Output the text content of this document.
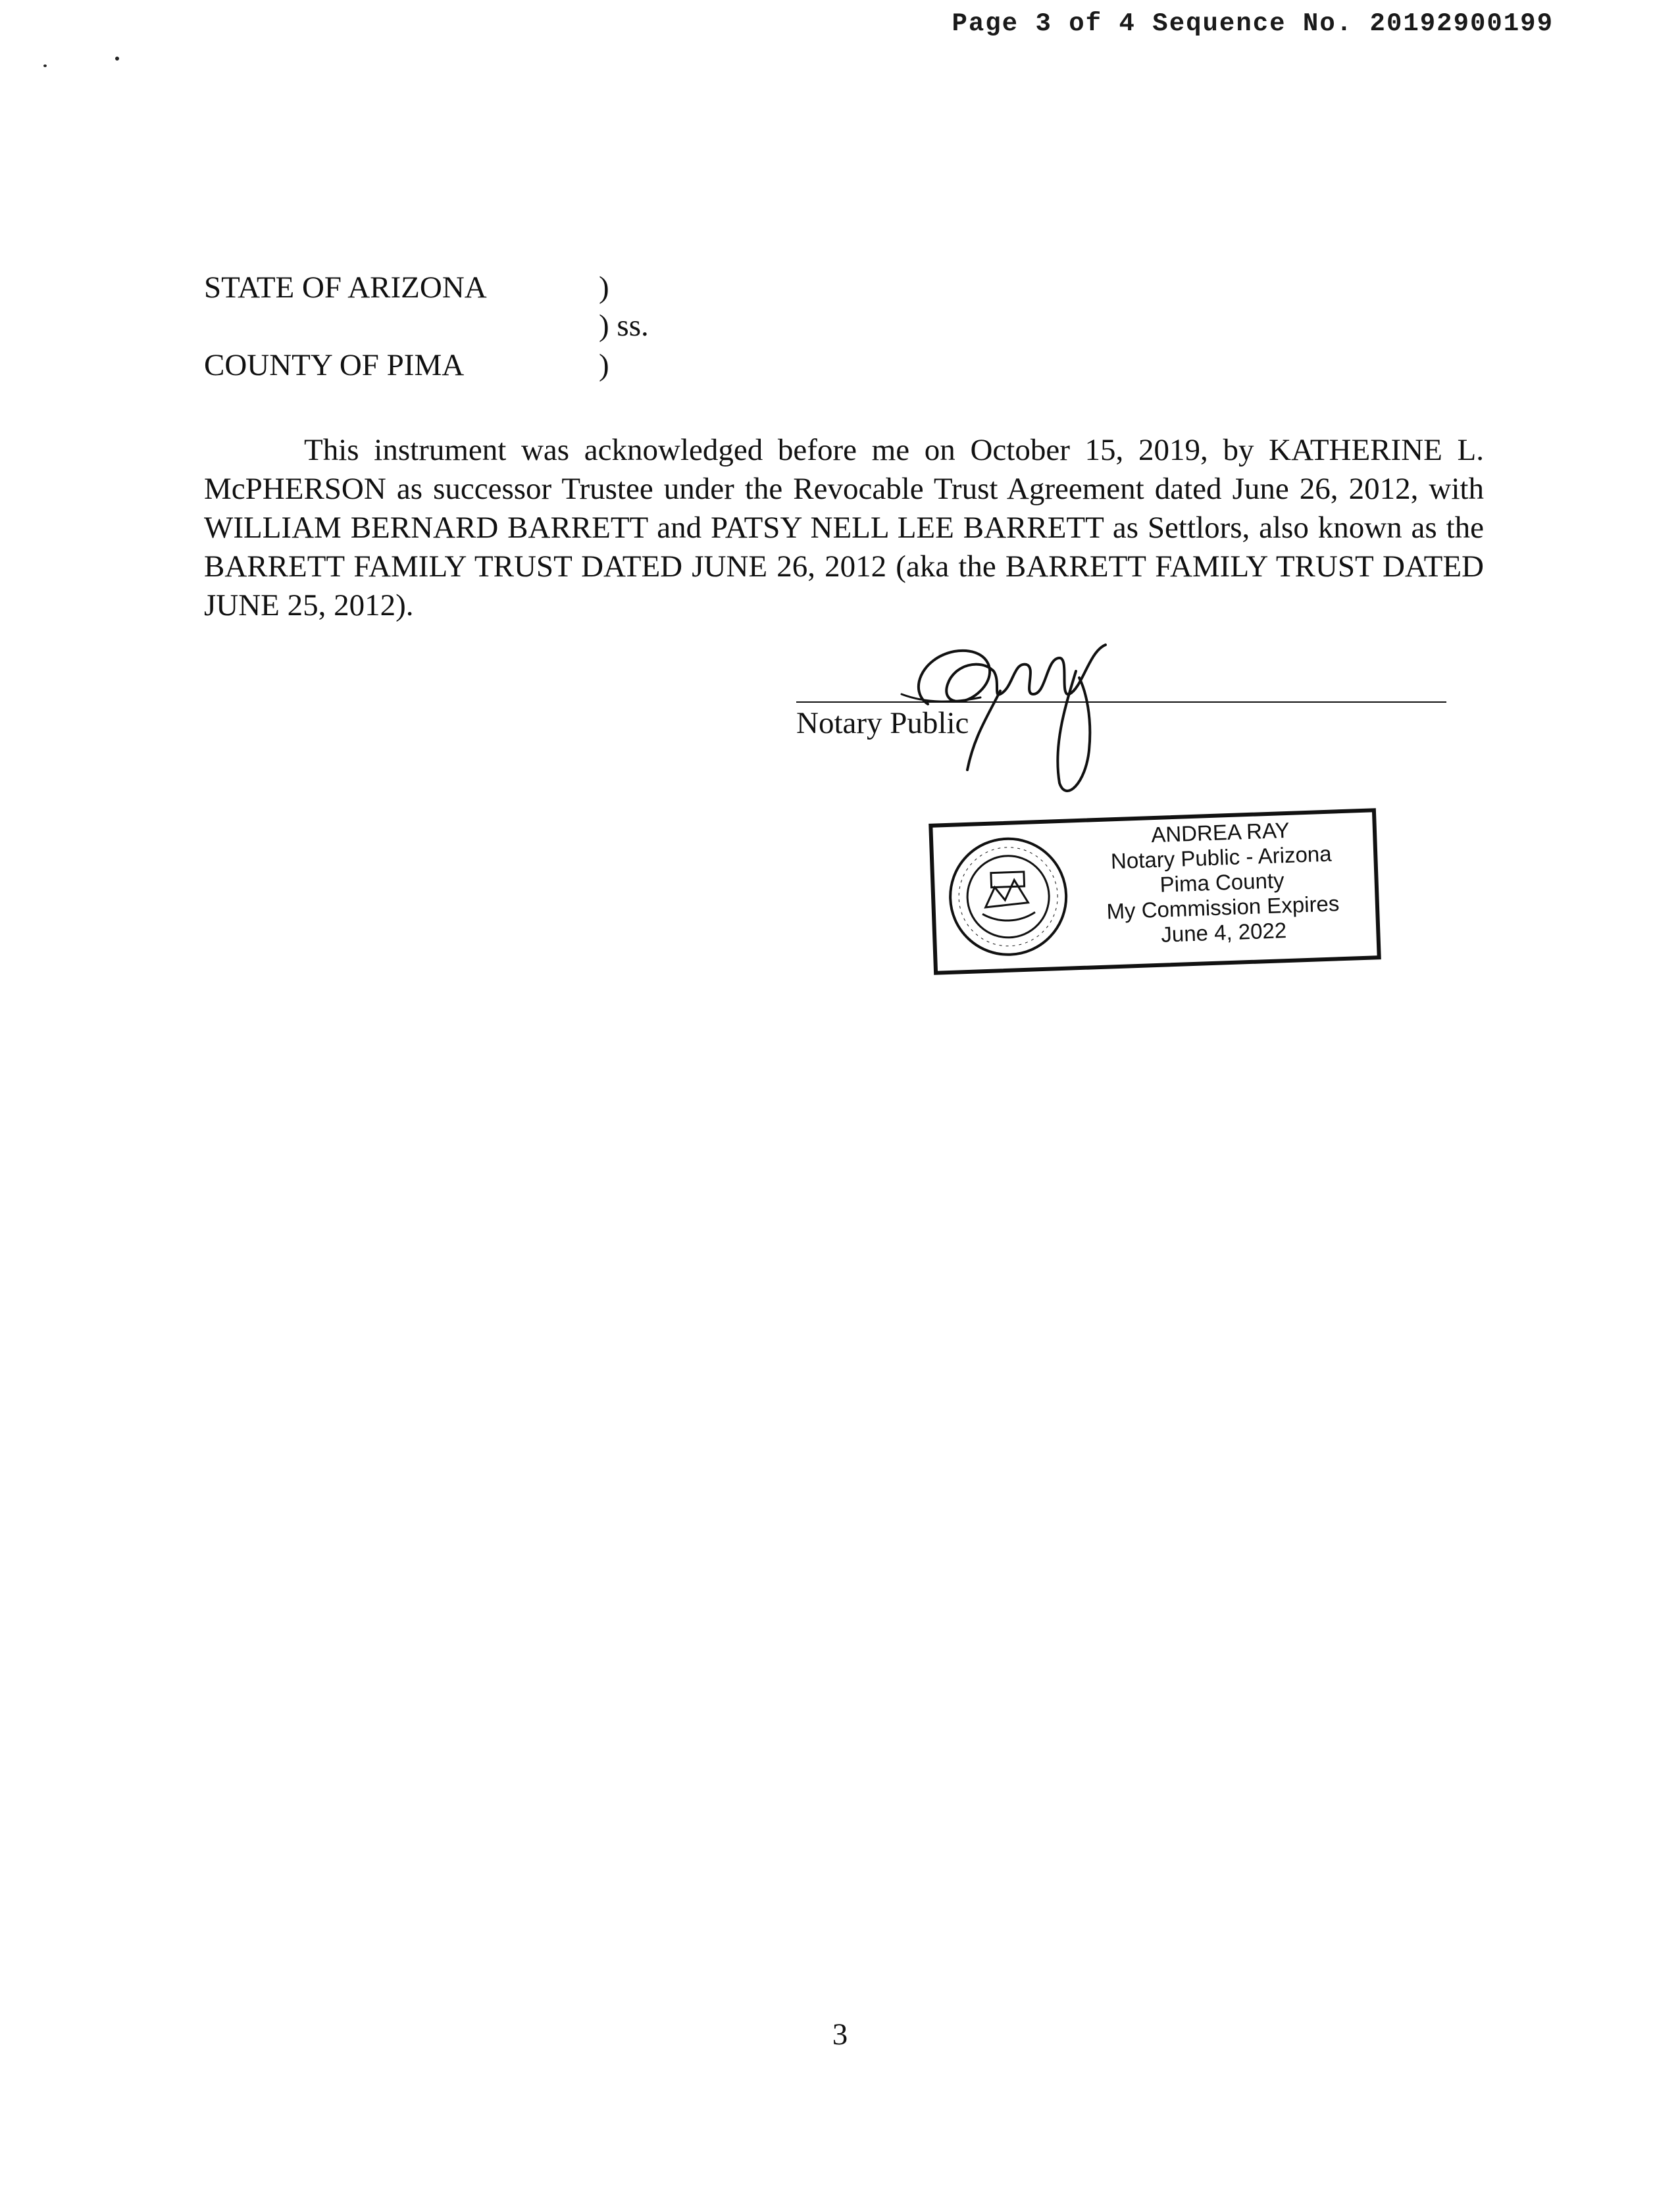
Page 3 of 4 Sequence No. 20192900199
STATE OF ARIZONA
COUNTY OF PIMA
)
) ss.
)

This instrument was acknowledged before me on October 15, 2019, by KATHERINE L. McPHERSON as successor Trustee under the Revocable Trust Agreement dated June 26, 2012, with WILLIAM BERNARD BARRETT and PATSY NELL LEE BARRETT as Settlors, also known as the BARRETT FAMILY TRUST DATED JUNE 26, 2012 (aka the BARRETT FAMILY TRUST DATED JUNE 25, 2012).

Notary Public
ANDREA RAY
Notary Public - Arizona
Pima County
My Commission Expires
June 4, 2022
3
